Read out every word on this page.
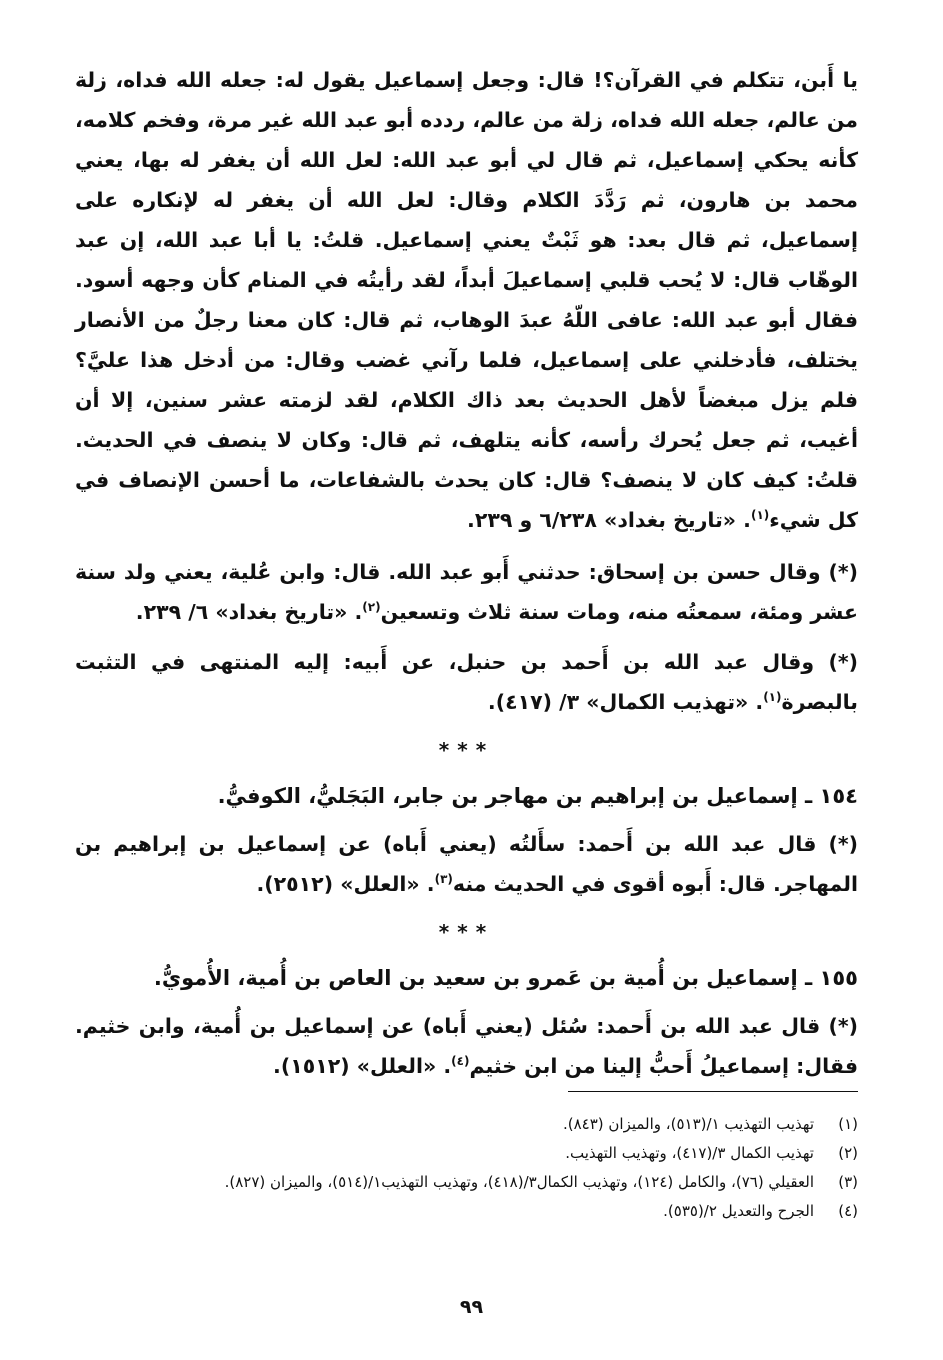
يا أَبن، تتكلم في القرآن؟! قال: وجعل إسماعيل يقول له: جعله الله فداه، زلة من عالم، جعله الله فداه، زلة من عالم، ردده أبو عبد الله غير مرة، وفخم كلامه، كأنه يحكي إسماعيل، ثم قال لي أبو عبد الله: لعل الله أن يغفر له بها، يعني محمد بن هارون، ثم رَدَّدَ الكلام وقال: لعل الله أن يغفر له لإنكاره على إسماعيل، ثم قال بعد: هو ثَبْتٌ يعني إسماعيل. قلتُ: يا أبا عبد الله، إن عبد الوهّاب قال: لا يُحب قلبي إسماعيلَ أبداً، لقد رأيتُه في المنام كأن وجهه أسود. فقال أبو عبد الله: عافى اللّهُ عبدَ الوهاب، ثم قال: كان معنا رجلٌ من الأنصار يختلف، فأدخلني على إسماعيل، فلما رآني غضب وقال: من أدخل هذا عليَّ؟ فلم يزل مبغضاً لأهل الحديث بعد ذاك الكلام، لقد لزمته عشر سنين، إلا أن أغيب، ثم جعل يُحرك رأسه، كأنه يتلهف، ثم قال: وكان لا ينصف في الحديث. قلتُ: كيف كان لا ينصف؟ قال: كان يحدث بالشفاعات، ما أحسن الإنصاف في كل شيء$^{(١)}$. «تاريخ بغداد» ٦/٢٣٨ و ٢٣٩.

(*) وقال حسن بن إسحاق: حدثني أَبو عبد الله. قال: وابن عُلية، يعني ولد سنة عشر ومئة، سمعتُه منه، ومات سنة ثلاث وتسعين$^{(٢)}$. «تاريخ بغداد» ٦/ ٢٣٩.

(*) وقال عبد الله بن أَحمد بن حنبل، عن أَبيه: إليه المنتهى في التثبت بالبصرة$^{(١)}$. «تهذيب الكمال» ٣/ (٤١٧).

***
١٥٤ ـ إسماعيل بن إبراهيم بن مهاجر بن جابر، البَجَليُّ، الكوفيُّ.

(*) قال عبد الله بن أَحمد: سأَلتُه (يعني أَباه) عن إسماعيل بن إبراهيم بن المهاجر. قال: أَبوه أقوى في الحديث منه$^{(٣)}$. «العلل» (٢٥١٢).

***
١٥٥ ـ إسماعيل بن أُمية بن عَمرو بن سعيد بن العاص بن أُمية، الأُمويُّ.

(*) قال عبد الله بن أَحمد: سُئل (يعني أَباه) عن إسماعيل بن أُمية، وابن خثيم. فقال: إسماعيلُ أَحبُّ إلينا من ابن خثيم$^{(٤)}$. «العلل» (١٥١٢).

(١)
تهذيب التهذيب ١/(٥١٣)، والميزان (٨٤٣).
(٢)
تهذيب الكمال ٣/(٤١٧)، وتهذيب التهذيب.
(٣)
العقيلي (٧٦)، والكامل (١٢٤)، وتهذيب الكمال٣/(٤١٨)، وتهذيب التهذيب١/(٥١٤)، والميزان (٨٢٧).
(٤)
الجرح والتعديل ٢/(٥٣٥).
٩٩
